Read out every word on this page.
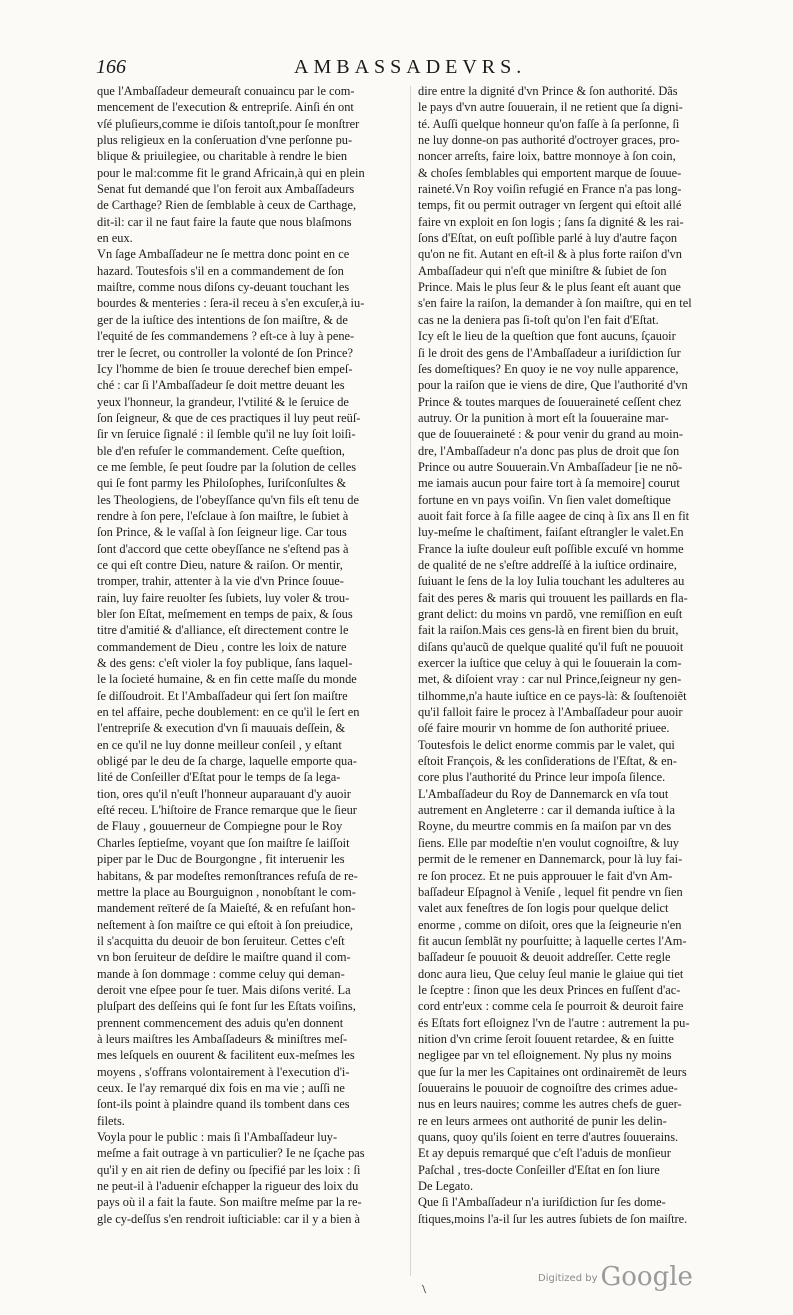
166	AMBASSADEVRS.
que l'Ambaſſadeur demeuraſt conuaincu par le com-
mencement de l'execution & entrepriſe. Ainſi én ont
vſé pluſieurs,comme ie diſois tantoſt,pour ſe monſtrer
plus religieux en la conſeruation d'vne perſonne pu-
blique & priuilegiee, ou charitable à rendre le bien
pour le mal:comme fit le grand Africain,à qui en plein
Senat fut demandé que l'on feroit aux Ambaſſadeurs
de Carthage? Rien de ſemblable à ceux de Carthage,
dit-il: car il ne faut faire la faute que nous blaſmons
en eux.
Vn ſage Ambaſſadeur ne ſe mettra donc point en ce
hazard. Toutesfois s'il en a commandement de ſon
maiſtre, comme nous diſons cy-deuant touchant les
bourdes & menteries : ſera-il receu à s'en excuſer,à iu-
ger de la iuſtice des intentions de ſon maiſtre, & de
l'equité de ſes commandemens ? eſt-ce à luy à pene-
trer le ſecret, ou controller la volonté de ſon Prince?
Icy l'homme de bien ſe trouue derechef bien empeſ-
ché : car ſi l'Ambaſſadeur ſe doit mettre deuant les
yeux l'honneur, la grandeur, l'vtilité & le ſeruice de
ſon ſeigneur, & que de ces practiques il luy peut reüſ-
ſir vn ſeruice ſignalé : il ſemble qu'il ne luy ſoit loiſi-
ble d'en refuſer le commandement. Ceſte queſtion,
ce me ſemble, ſe peut ſoudre par la ſolution de celles
qui ſe font parmy les Philoſophes, Iuriſconſultes &
les Theologiens, de l'obeyſſance qu'vn fils eſt tenu de
rendre à ſon pere, l'eſclaue à ſon maiſtre, le ſubiet à
ſon Prince, & le vaſſal à ſon ſeigneur lige. Car tous
ſont d'accord que cette obeyſſance ne s'eſtend pas à
ce qui eſt contre Dieu, nature & raiſon. Or mentir,
tromper, trahir, attenter à la vie d'vn Prince ſouue-
rain, luy faire reuolter ſes ſubiets, luy voler & trou-
bler ſon Eſtat, meſmement en temps de paix, & ſous
titre d'amitié & d'alliance, eſt directement contre le
commandement de Dieu , contre les loix de nature
& des gens: c'eſt violer la foy publique, ſans laquel-
le la ſocieté humaine, & en fin cette maſſe du monde
ſe diſſoudroit. Et l'Ambaſſadeur qui ſert ſon maiſtre
en tel affaire, peche doublement: en ce qu'il le ſert en
l'entrepriſe & execution d'vn ſi mauuais deſſein, &
en ce qu'il ne luy donne meilleur conſeil , y eſtant
obligé par le deu de ſa charge, laquelle emporte qua-
lité de Conſeiller d'Eſtat pour le temps de ſa lega-
tion, ores qu'il n'euſt l'honneur auparauant d'y auoir
eſté receu. L'hiſtoire de France remarque que le ſieur
de Flauy , gouuerneur de Compiegne pour le Roy
Charles ſeptieſme, voyant que ſon maiſtre ſe laiſſoit
piper par le Duc de Bourgongne , fit interuenir les
habitans, & par modeſtes remonſtrances refuſa de re-
mettre la place au Bourguignon , nonobſtant le com-
mandement reïteré de ſa Maieſté, & en refuſant hon-
neſtement à ſon maiſtre ce qui eſtoit à ſon preiudice,
il s'acquitta du deuoir de bon ſeruiteur. Cettes c'eſt
vn bon ſeruiteur de deſdire le maiſtre quand il com-
mande à ſon dommage : comme celuy qui deman-
deroit vne eſpee pour ſe tuer. Mais diſons verité. La
pluſpart des deſſeins qui ſe font ſur les Eſtats voiſins,
prennent commencement des aduis qu'en donnent
à leurs maiſtres les Ambaſſadeurs & miniſtres meſ-
mes leſquels en ouurent & facilitent eux-meſmes les
moyens , s'offrans volontairement à l'execution d'i-
ceux. Ie l'ay remarqué dix fois en ma vie ; auſſi ne
ſont-ils point à plaindre quand ils tombent dans ces
filets.
Voyla pour le public : mais ſi l'Ambaſſadeur luy-
meſme a fait outrage à vn particulier? Ie ne ſçache pas
qu'il y en ait rien de definy ou ſpecifié par les loix : ſi
ne peut-il à l'aduenir eſchapper la rigueur des loix du
pays où il a fait la faute. Son maiſtre meſme par la re-
gle cy-deſſus s'en rendroit iuſticiable: car il y a bien à
dire entre la dignité d'vn Prince & ſon authorité. Dãs
le pays d'vn autre ſouuerain, il ne retient que ſa digni-
té. Auſſi quelque honneur qu'on faſſe à ſa perſonne, ſi
ne luy donne-on pas authorité d'octroyer graces, pro-
noncer arreſts, faire loix, battre monnoye à ſon coin,
& choſes ſemblables qui emportent marque de ſouue-
raineté.Vn Roy voiſin refugié en France n'a pas long-
temps, fit ou permit outrager vn ſergent qui eſtoit allé
faire vn exploit en ſon logis ; ſans ſa dignité & les rai-
ſons d'Eſtat, on euſt poſſible parlé à luy d'autre façon
qu'on ne fit. Autant en eſt-il & à plus forte raiſon d'vn
Ambaſſadeur qui n'eſt que miniſtre & ſubiet de ſon
Prince. Mais le plus ſeur & le plus ſeant eſt auant que
s'en faire la raiſon, la demander à ſon maiſtre, qui en tel
cas ne la deniera pas ſi-toſt qu'on l'en fait d'Eſtat.
Icy eſt le lieu de la queſtion que font aucuns, ſçauoir
ſi le droit des gens de l'Ambaſſadeur a iuriſdiction ſur
ſes domeſtiques? En quoy ie ne voy nulle apparence,
pour la raiſon que ie viens de dire, Que l'authorité d'vn
Prince & toutes marques de ſouueraineté ceſſent chez
autruy. Or la punition à mort eſt la ſouueraine mar-
que de ſouueraineté : & pour venir du grand au moin-
dre, l'Ambaſſadeur n'a donc pas plus de droit que ſon
Prince ou autre Souuerain.Vn Ambaſſadeur [ie ne nõ-
me iamais aucun pour faire tort à ſa memoire] courut
fortune en vn pays voiſin. Vn ſien valet domeſtique
auoit fait force à ſa fille aagee de cinq à ſix ans Il en fit
luy-meſme le chaſtiment, faiſant eſtrangler le valet.En
France la iuſte douleur euſt poſſible excuſé vn homme
de qualité de ne s'eſtre addreſſé à la iuſtice ordinaire,
ſuiuant le ſens de la loy Iulia touchant les adulteres au
fait des peres & maris qui trouuent les paillards en fla-
grant delict: du moins vn pardõ, vne remiſſion en euſt
fait la raiſon.Mais ces gens-là en firent bien du bruit,
diſans qu'aucũ de quelque qualité qu'il fuſt ne pouuoit
exercer la iuſtice que celuy à qui le ſouuerain la com-
met, & diſoient vray : car nul Prince,ſeigneur ny gen-
tilhomme,n'a haute iuſtice en ce pays-là: & ſouſtenoiẽt
qu'il falloit faire le procez à l'Ambaſſadeur pour auoir
oſé faire mourir vn homme de ſon authorité priuee.
Toutesfois le delict enorme commis par le valet, qui
eſtoit François, & les conſiderations de l'Eſtat, & en-
core plus l'authorité du Prince leur impoſa ſilence.
L'Ambaſſadeur du Roy de Dannemarck en vſa tout
autrement en Angleterre : car il demanda iuſtice à la
Royne, du meurtre commis en ſa maiſon par vn des
ſiens. Elle par modeſtie n'en voulut cognoiſtre, & luy
permit de le remener en Dannemarck, pour là luy fai-
re ſon procez. Et ne puis approuuer le fait d'vn Am-
baſſadeur Eſpagnol à Veniſe , lequel fit pendre vn ſien
valet aux feneſtres de ſon logis pour quelque delict
enorme , comme on diſoit, ores que la ſeigneurie n'en
fit aucun ſemblãt ny pourſuitte; à laquelle certes l'Am-
baſſadeur ſe pouuoit & deuoit addreſſer. Cette regle
donc aura lieu, Que celuy ſeul manie le glaiue qui tiet
le ſceptre : ſinon que les deux Princes en fuſſent d'ac-
cord entr'eux : comme cela ſe pourroit & deuroit faire
és Eſtats fort eſloignez l'vn de l'autre : autrement la pu-
nition d'vn crime ſeroit ſouuent retardee, & en ſuitte
negligee par vn tel eſloignement. Ny plus ny moins
que ſur la mer les Capitaines ont ordinairemẽt de leurs
ſouuerains le pouuoir de cognoiſtre des crimes adue-
nus en leurs nauires; comme les autres chefs de guer-
re en leurs armees ont authorité de punir les delin-
quans, quoy qu'ils ſoient en terre d'autres ſouuerains.
Et ay depuis remarqué que c'eſt l'aduis de monſieur
Paſchal , tres-docte Conſeiller d'Eſtat en ſon liure
De Legato.
Que ſi l'Ambaſſadeur n'a iuriſdiction ſur ſes dome-
ſtiques,moins l'a-il ſur les autres ſubiets de ſon maiſtre.
$^{Digitized by}$ Google
